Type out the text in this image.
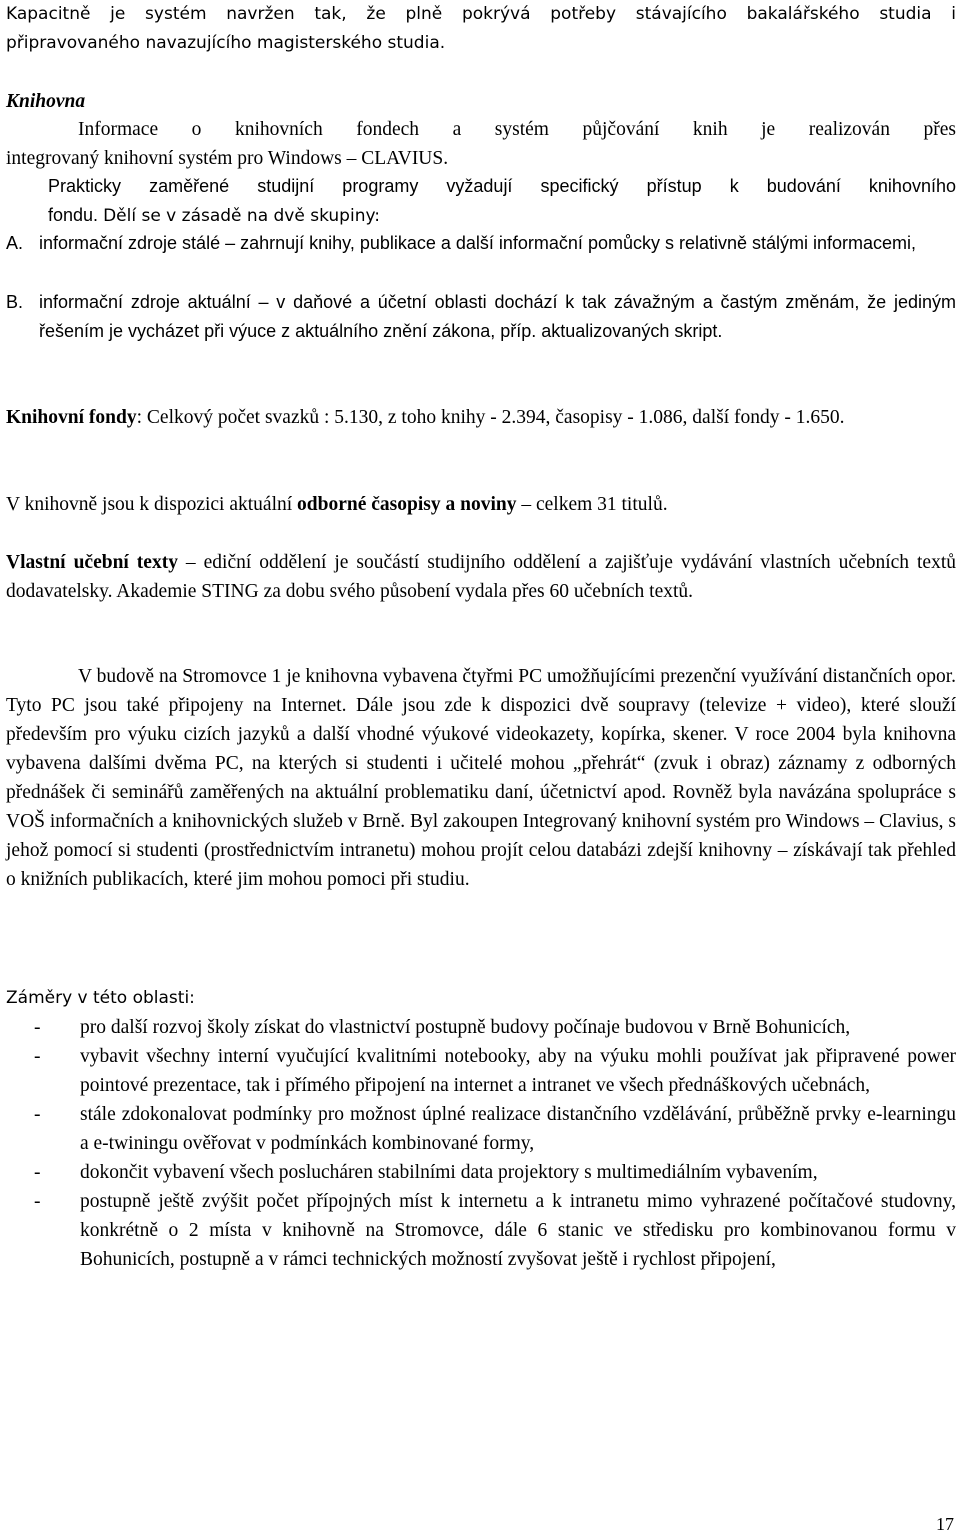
Kapacitně je systém navržen tak, že plně pokrývá potřeby stávajícího bakalářského studia i
připravovaného navazujícího magisterského studia.
Knihovna
Informace o knihovních fondech a systém půjčování knih je realizován přes
integrovaný knihovní systém pro Windows – CLAVIUS.
Prakticky zaměřené studijní programy vyžadují specifický přístup k budování knihovního
fondu. Dělí se v zásadě na dvě skupiny:
A. informační zdroje stálé – zahrnují knihy, publikace a další informační pomůcky s relativně stálými informacemi,
B. informační zdroje aktuální – v daňové a účetní oblasti dochází k tak závažným a častým změnám, že jediným řešením je vycházet při výuce z aktuálního znění zákona, příp. aktualizovaných skript.
Knihovní fondy: Celkový počet svazků : 5.130, z toho knihy - 2.394, časopisy - 1.086, další fondy - 1.650.
V knihovně jsou k dispozici aktuální odborné časopisy a noviny – celkem 31 titulů.
Vlastní učební texty – ediční oddělení je součástí studijního oddělení a zajišťuje vydávání vlastních učebních textů dodavatelsky. Akademie STING za dobu svého působení vydala přes 60 učebních textů.
V budově na Stromovce 1 je knihovna vybavena čtyřmi PC umožňujícími prezenční využívání distančních opor. Tyto PC jsou také připojeny na Internet. Dále jsou zde k dispozici dvě soupravy (televize + video), které slouží především pro výuku cizích jazyků a další vhodné výukové videokazety, kopírka, skener. V roce 2004 byla knihovna vybavena dalšími dvěma PC, na kterých si studenti i učitelé mohou „přehrát“ (zvuk i obraz) záznamy z odborných přednášek či seminářů zaměřených na aktuální problematiku daní, účetnictví apod. Rovněž byla navázána spolupráce s VOŠ informačních a knihovnických služeb v Brně. Byl zakoupen Integrovaný knihovní systém pro Windows – Clavius, s jehož pomocí si studenti (prostřednictvím intranetu) mohou projít celou databázi zdejší knihovny – získávají tak přehled o knižních publikacích, které jim mohou pomoci při studiu.
Záměry v této oblasti:
- pro další rozvoj školy získat do vlastnictví postupně budovy počínaje budovou v Brně Bohunicích,
- vybavit všechny interní vyučující kvalitními notebooky, aby na výuku mohli používat jak připravené power pointové prezentace, tak i přímého připojení na internet a intranet ve všech přednáškových učebnách,
- stále zdokonalovat podmínky pro možnost úplné realizace distančního vzdělávání, průběžně prvky e-learningu a e-twiningu ověřovat v podmínkách kombinované formy,
- dokončit vybavení všech poslucháren stabilními data projektory s multimediálním vybavením,
- postupně ještě zvýšit počet přípojných míst k internetu a k intranetu mimo vyhrazené počítačové studovny, konkrétně o 2 místa v knihovně na Stromovce, dále 6 stanic ve středisku pro kombinovanou formu v Bohunicích, postupně a v rámci technických možností zvyšovat ještě i rychlost připojení,
17
